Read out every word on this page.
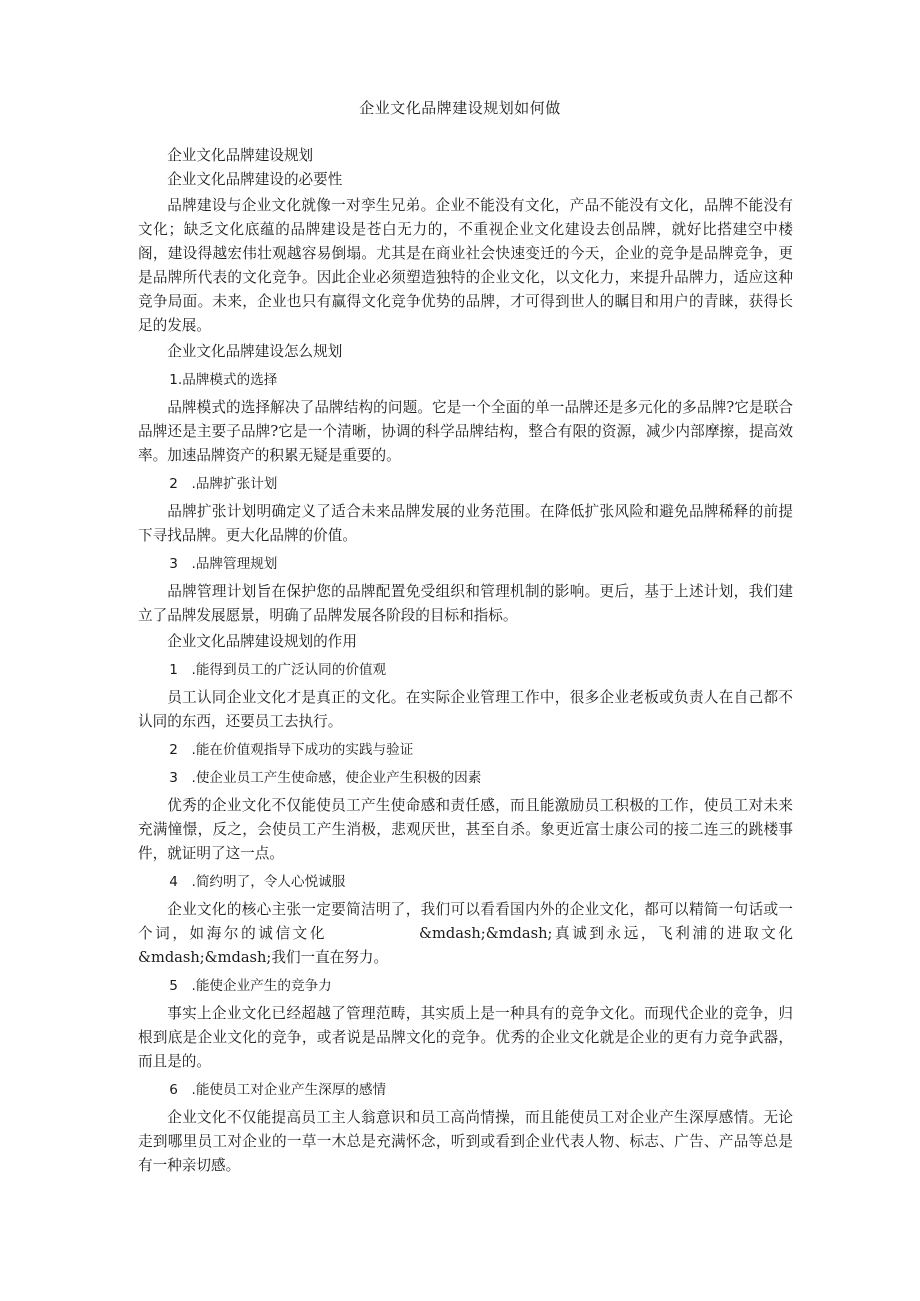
企业文化品牌建设规划如何做

企业文化品牌建设规划

企业文化品牌建设的必要性

品牌建设与企业文化就像一对孪生兄弟。企业不能没有文化，产品不能没有文化，品牌不能没有文化；缺乏文化底蕴的品牌建设是苍白无力的，不重视企业文化建设去创品牌，就好比搭建空中楼阁，建设得越宏伟壮观越容易倒塌。尤其是在商业社会快速变迁的今天，企业的竞争是品牌竞争，更是品牌所代表的文化竞争。因此企业必须塑造独特的企业文化，以文化力，来提升品牌力，适应这种竞争局面。未来，企业也只有赢得文化竞争优势的品牌，才可得到世人的瞩目和用户的青睐，获得长足的发展。

企业文化品牌建设怎么规划

1.品牌模式的选择

品牌模式的选择解决了品牌结构的问题。它是一个全面的单一品牌还是多元化的多品牌?它是联合品牌还是主要子品牌?它是一个清晰，协调的科学品牌结构，整合有限的资源，减少内部摩擦，提高效率。加速品牌资产的积累无疑是重要的。

2　.品牌扩张计划

品牌扩张计划明确定义了适合未来品牌发展的业务范围。在降低扩张风险和避免品牌稀释的前提下寻找品牌。更大化品牌的价值。

3　.品牌管理规划

品牌管理计划旨在保护您的品牌配置免受组织和管理机制的影响。更后，基于上述计划，我们建立了品牌发展愿景，明确了品牌发展各阶段的目标和指标。

企业文化品牌建设规划的作用

1　.能得到员工的广泛认同的价值观

员工认同企业文化才是真正的文化。在实际企业管理工作中，很多企业老板或负责人在自己都不认同的东西，还要员工去执行。

2　.能在价值观指导下成功的实践与验证

3　.使企业员工产生使命感，使企业产生积极的因素

优秀的企业文化不仅能使员工产生使命感和责任感，而且能激励员工积极的工作，使员工对未来充满憧憬，反之，会使员工产生消极，悲观厌世，甚至自杀。象更近富士康公司的接二连三的跳楼事件，就证明了这一点。

4　.简约明了，令人心悦诚服

企业文化的核心主张一定要简洁明了，我们可以看看国内外的企业文化，都可以精简一句话或一个词，如海尔的诚信文化	&mdash;&mdash;真诚到永远，飞利浦的进取文化&mdash;&mdash;我们一直在努力。

5　.能使企业产生的竞争力

事实上企业文化已经超越了管理范畴，其实质上是一种具有的竞争文化。而现代企业的竞争，归根到底是企业文化的竞争，或者说是品牌文化的竞争。优秀的企业文化就是企业的更有力竞争武器，而且是的。

6　.能使员工对企业产生深厚的感情

企业文化不仅能提高员工主人翁意识和员工高尚情操，而且能使员工对企业产生深厚感情。无论走到哪里员工对企业的一草一木总是充满怀念，听到或看到企业代表人物、标志、广告、产品等总是有一种亲切感。
